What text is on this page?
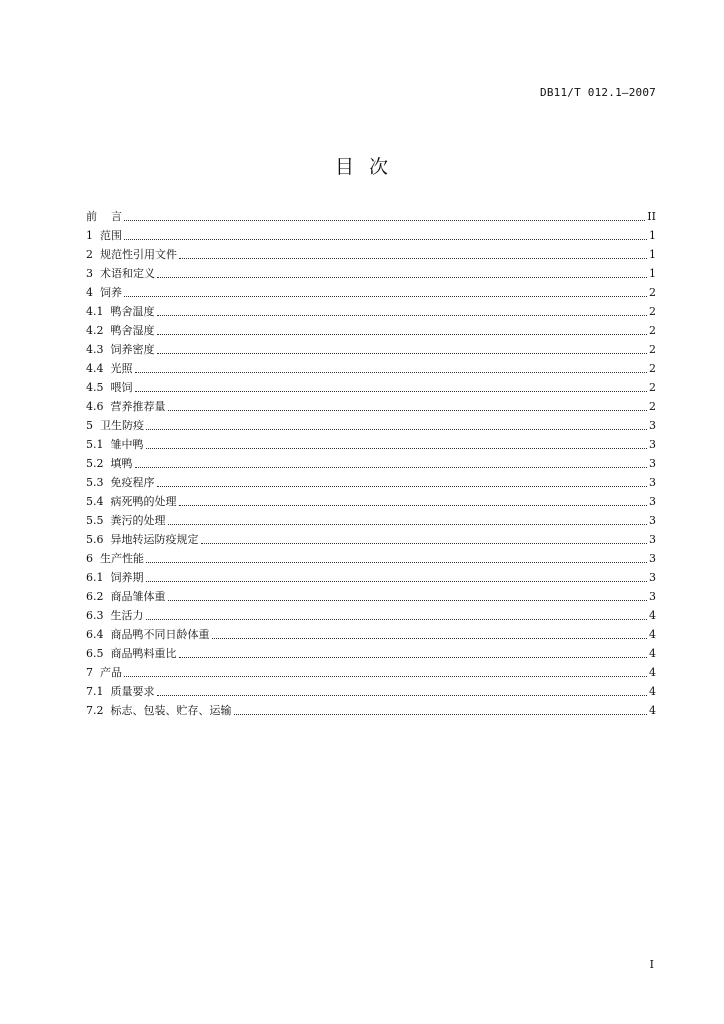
DB11/T 012.1—2007
目  次
前    言	II
1  范围	1
2  规范性引用文件	1
3  术语和定义	1
4  饲养	2
4.1  鸭舍温度	2
4.2  鸭舍湿度	2
4.3  饲养密度	2
4.4  光照	2
4.5  喂饲	2
4.6  营养推荐量	2
5  卫生防疫	3
5.1  雏中鸭	3
5.2  填鸭	3
5.3  免疫程序	3
5.4  病死鸭的处理	3
5.5  粪污的处理	3
5.6  异地转运防疫规定	3
6  生产性能	3
6.1  饲养期	3
6.2  商品雏体重	3
6.3  生活力	4
6.4  商品鸭不同日龄体重	4
6.5  商品鸭料重比	4
7  产品	4
7.1  质量要求	4
7.2  标志、包装、贮存、运输	4
I
